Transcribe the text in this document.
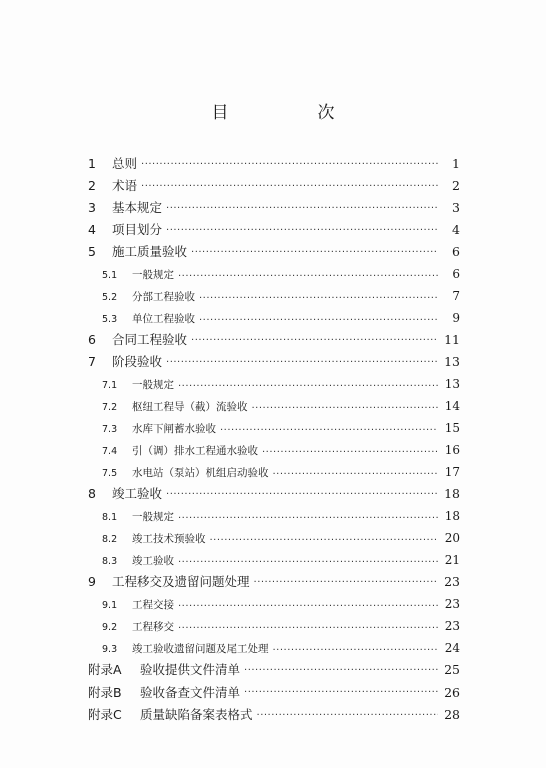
目　次
1	总则 ·····	1
2	术语 ·····	2
3	基本规定 ·····	3
4	项目划分 ·····	4
5	施工质量验收 ·····	6
5.1	一般规定 ·····	6
5.2	分部工程验收 ·····	7
5.3	单位工程验收 ·····	9
6	合同工程验收 ·····	11
7	阶段验收 ·····	13
7.1	一般规定 ·····	13
7.2	枢纽工程导（截）流验收 ·····	14
7.3	水库下闸蓄水验收 ·····	15
7.4	引（调）排水工程通水验收 ·····	16
7.5	水电站（泵站）机组启动验收 ·····	17
8	竣工验收 ·····	18
8.1	一般规定 ·····	18
8.2	竣工技术预验收 ·····	20
8.3	竣工验收 ·····	21
9	工程移交及遗留问题处理 ·····	23
9.1	工程交接 ·····	23
9.2	工程移交 ·····	23
9.3	竣工验收遗留问题及尾工处理 ·····	24
附录A	验收提供文件清单 ·····	25
附录B	验收备查文件清单 ·····	26
附录C	质量缺陷备案表格式 ·····	28
